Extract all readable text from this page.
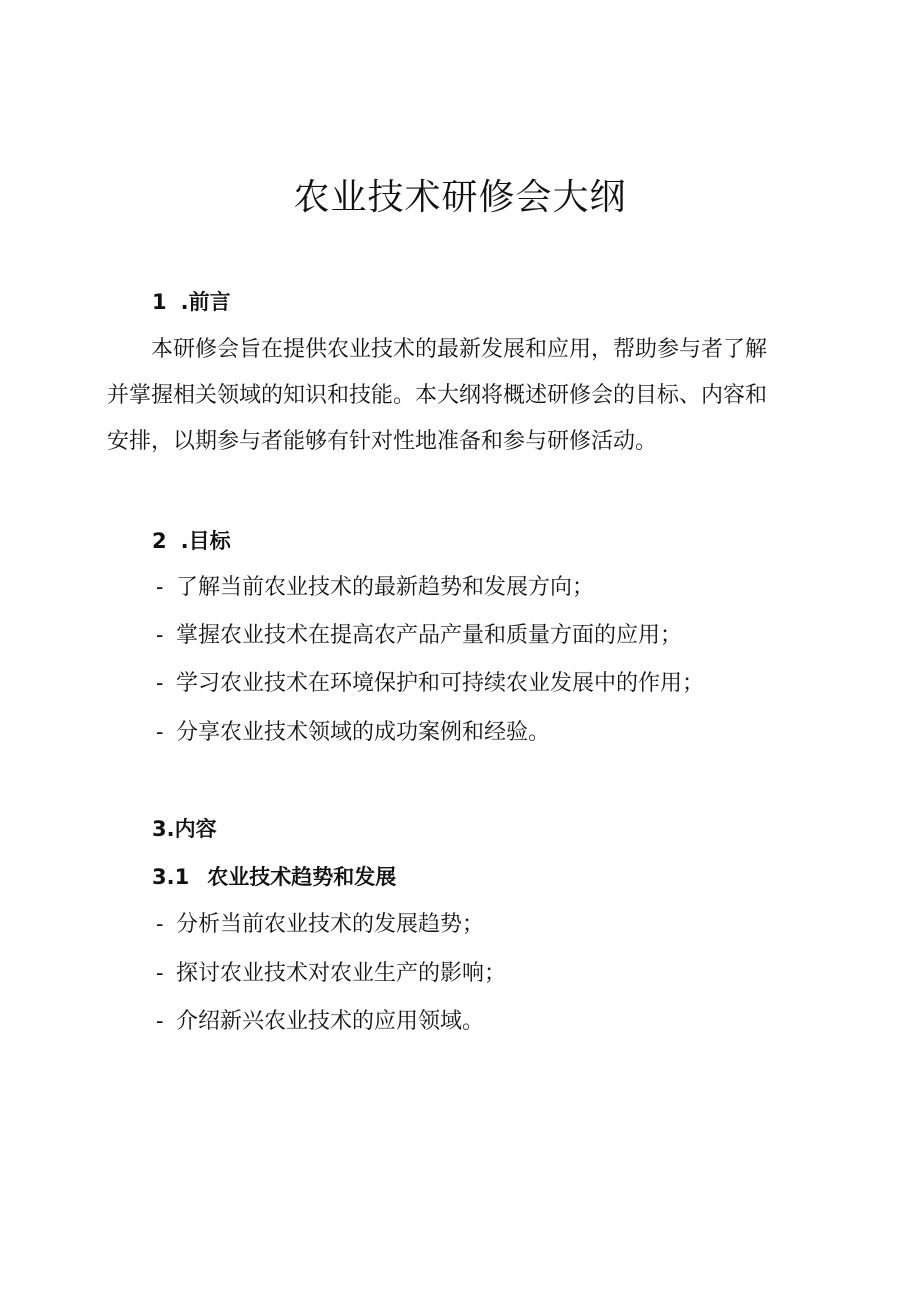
农业技术研修会大纲
1 .前言
本研修会旨在提供农业技术的最新发展和应用，帮助参与者了解
并掌握相关领域的知识和技能。本大纲将概述研修会的目标、内容和
安排，以期参与者能够有针对性地准备和参与研修活动。
2 .目标
- 了解当前农业技术的最新趋势和发展方向；
- 掌握农业技术在提高农产品产量和质量方面的应用；
- 学习农业技术在环境保护和可持续农业发展中的作用；
- 分享农业技术领域的成功案例和经验。
3.内容
3.1 农业技术趋势和发展
- 分析当前农业技术的发展趋势；
- 探讨农业技术对农业生产的影响；
- 介绍新兴农业技术的应用领域。
